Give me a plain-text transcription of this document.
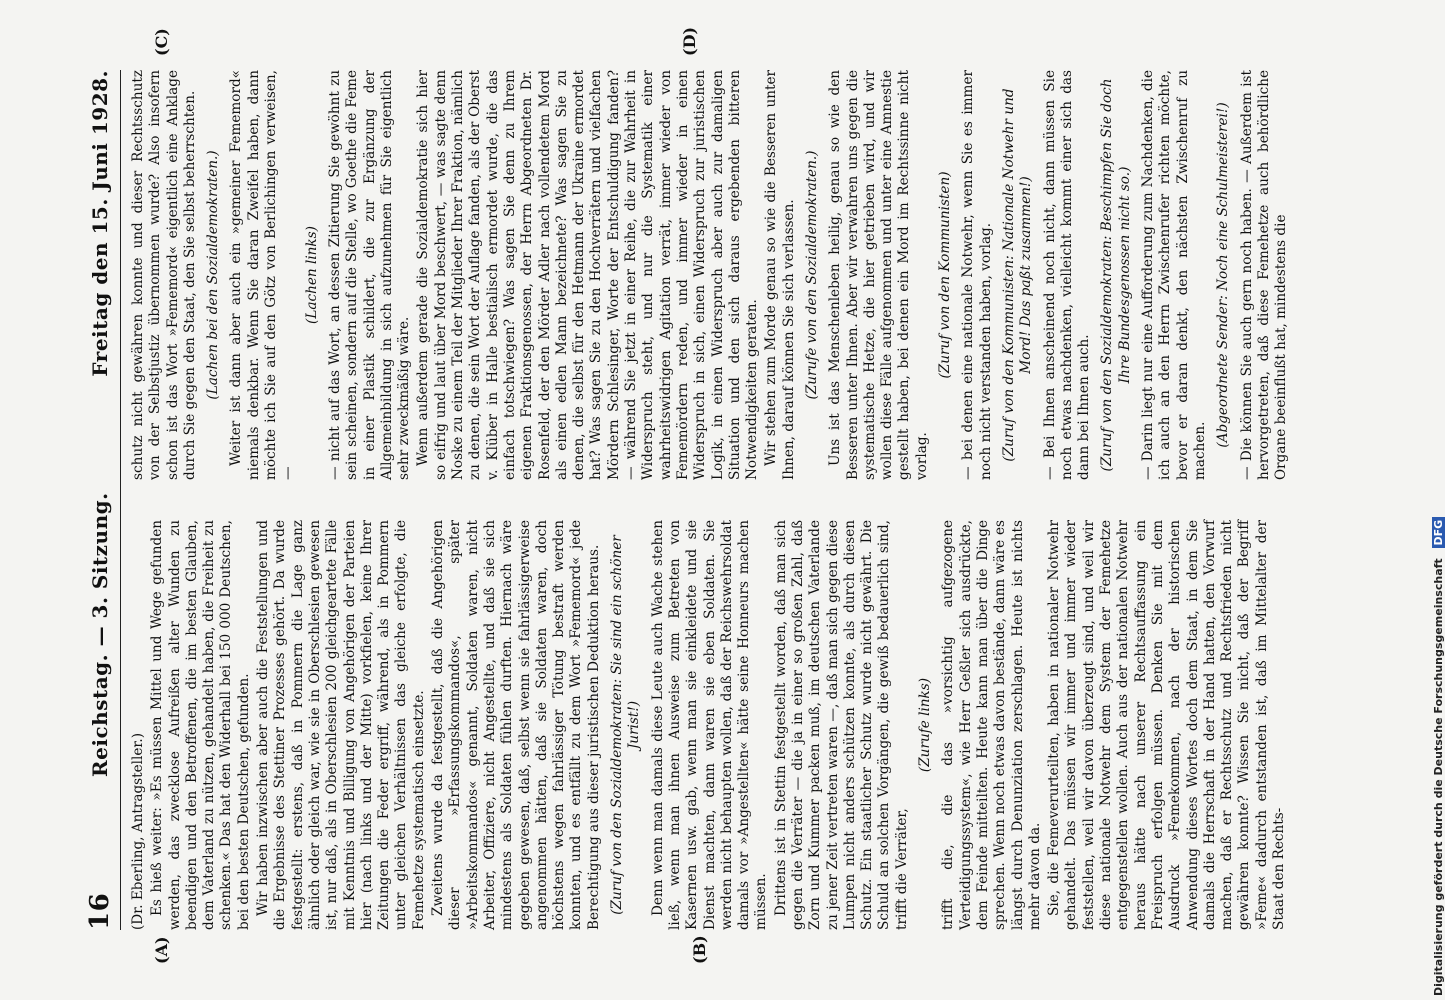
16
Reichstag. — 3. Sitzung.
Freitag den 15. Juni 1928.
(A)	(B)
(C)	(D)

(Dr. Eberling, Antragsteller.) Es hieß weiter: »Es müssen Mittel und Wege gefunden werden, das zwecklose Aufreißen alter Wunden zu beendigen und den Betroffenen, die im besten Glauben, dem Vaterland zu nützen, gehandelt haben, die Freiheit zu schenken.« Das hat den Widerhall bei 150 000 Deutschen, bei den besten Deutschen, gefunden. Wir haben inzwischen aber auch die Feststellungen und die Ergebnisse des Stettiner Prozesses gehört. Da wurde festgestellt: erstens, daß in Pommern die Lage ganz ähnlich oder gleich war, wie sie in Oberschlesien gewesen ist, nur daß, als in Oberschlesien 200 gleichgeartete Fälle mit Kenntnis und Billigung von Angehörigen der Parteien hier (nach links und der Mitte) vorkfielen, keine Ihrer Zeitungen die Feder ergriff, während, als in Pommern unter gleichen Verhältnissen das gleiche erfolgte, die Femehetze systematisch einsetzte. Zweitens wurde da festgestellt, daß die Angehörigen dieser »Erfassungskommandos«, später »Arbeitskommandos« genannt, Soldaten waren, nicht Arbeiter, Offiziere, nicht Angestellte, und daß sie sich mindestens als Soldaten fühlen durften. Hiernach wäre gegeben gewesen, daß, selbst wenn sie fahrlässigerweise angenommen hätten, daß sie Soldaten waren, doch höchstens wegen fahrlässiger Tötung bestraft werden konnten, und es entfällt zu dem Wort »Fememord« jede Berechtigung aus dieser juristischen Deduktion heraus. (Zuruf von den Sozialdemokraten: Sie sind ein schöner Jurist!) Denn wenn man damals diese Leute auch Wache stehen ließ, wenn man ihnen Ausweise zum Betreten von Kasernen usw. gab, wenn man sie einkleidete und sie Dienst machten, dann waren sie eben Soldaten. Sie werden nicht behaupten wollen, daß der Reichswehrsoldat damals vor »Angestellten« hätte seine Honneurs machen müssen. Drittens ist in Stettin festgestellt worden, daß man sich gegen die Verräter — die ja in einer so großen Zahl, daß Zorn und Kummer packen muß, im deutschen Vaterlande zu jener Zeit vertreten waren —, daß man sich gegen diese Lumpen nicht anders schützen konnte, als durch diesen Schutz. Ein staatlicher Schutz wurde nicht gewährt. Die Schuld an solchen Vorgängen, die gewiß bedauerlich sind, trifft die Verräter,

(Zurufe links) trifft die, die das »vorsichtig aufgezogene Verteidigungssystem«, wie Herr Geßler sich ausdrückte, dem Feinde mitteilten. Heute kann man über die Dinge sprechen. Wenn noch etwas davon bestände, dann wäre es längst durch Denunziation zerschlagen. Heute ist nichts mehr davon da. Sie, die Femeverurteilten, haben in nationaler Notwehr gehandelt. Das müssen wir immer und immer wieder feststellen, weil wir davon überzeugt sind, und weil wir diese nationale Notwehr dem System der Femehetze entgegenstellen wollen. Auch aus der nationalen Notwehr heraus hätte nach unserer Rechtsauffassung ein Freispruch erfolgen müssen. Denken Sie mit dem Ausdruck »Femekommen, nach der historischen Anwendung dieses Wortes doch dem Staat, in dem Sie damals die Herrschaft in der Hand hatten, den Vorwurf machen, daß er Rechtsschutz und Rechtsfrieden nicht gewähren konnte? Wissen Sie nicht, daß der Begriff »Feme« dadurch entstanden ist, daß im Mittelalter der Staat den Rechts-

schutz nicht gewähren konnte und dieser Rechtsschutz von der Selbstjustiz übernommen wurde? Also insofern schon ist das Wort »Fememord« eigentlich eine Anklage durch Sie gegen den Staat, den Sie selbst beherrschten. (Lachen bei den Sozialdemokraten.) Weiter ist dann aber auch ein »gemeiner Fememord« niemals denkbar. Wenn Sie daran Zweifel haben, dann möchte ich Sie auf den Götz von Berlichingen verweisen, —

(Lachen links) — nicht auf das Wort, an dessen Zitierung Sie gewöhnt zu sein scheinen, sondern auf die Stelle, wo Goethe die Feme in einer Plastik schildert, die zur Ergänzung der Allgemeinbildung in sich aufzunehmen für Sie eigentlich sehr zweckmäßig wäre. Wenn außerdem gerade die Sozialdemokratie sich hier so eifrig und laut über Mord beschwert, — was sagte denn Noske zu einem Teil der Mitglieder Ihrer Fraktion, nämlich zu denen, die sein Wort der Auflage fanden, als der Oberst v. Klüber in Halle bestialisch ermordet wurde, die das einfach totschwiegen? Was sagen Sie denn zu Ihrem eigenen Fraktionsgenossen, der Herrn Abgeordneten Dr. Rosenfeld, der den Mörder Adler nach vollendetem Mord als einen edlen Mann bezeichnete? Was sagen Sie zu denen, die selbst für den Hetmann der Ukraine ermordet hat? Was sagen Sie zu den Hochverrätern und vielfachen Mördern Schlesinger, Worte der Entschuldigung fanden? — während Sie jetzt in einer Reihe, die zur Wahrheit in Widerspruch steht, und nur die Systematik einer wahrheitswidrigen Agitation verrät, immer wieder von Fememördern reden, und immer wieder in einen Widerspruch in sich, einen Widerspruch zur juristischen Logik, in einen Widerspruch aber auch zur damaligen Situation und den sich daraus ergebenden bitteren Notwendigkeiten geraten. Wir stehen zum Morde genau so wie die Besseren unter Ihnen, darauf können Sie sich verlassen. (Zurufe von den Sozialdemokraten.) Uns ist das Menschenleben heilig, genau so wie den Besseren unter Ihnen. Aber wir verwahren uns gegen die systematische Hetze, die hier getrieben wird, und wir wollen diese Fälle aufgenommen und unter eine Amnestie gestellt haben, bei denen ein Mord im Rechtssinne nicht vorlag.

(Zuruf von den Kommunisten) — bei denen eine nationale Notwehr, wenn Sie es immer noch nicht verstanden haben, vorlag. (Zuruf von den Kommunisten: Nationale Notwehr und Mord! Das paßt zusammen!) — Bei Ihnen anscheinend noch nicht, dann müssen Sie noch etwas nachdenken, vielleicht kommt einer sich das dann bei Ihnen auch. (Zuruf von den Sozialdemokraten: Beschimpfen Sie doch Ihre Bundesgenossen nicht so.) — Darin liegt nur eine Aufforderung zum Nachdenken, die ich auch an den Herrn Zwischenrufer richten möchte, bevor er daran denkt, den nächsten Zwischenruf zu machen.

(Abgeordnete Sender: Noch eine Schulmeisterei!) — Die können Sie auch gern noch haben. — Außerdem ist hervorgetreten, daß diese Femehetze auch behördliche Organe beeinflußt hat, mindestens die

Digitalisierung gefördert durch die Deutsche Forschungsgemeinschaft DFG
